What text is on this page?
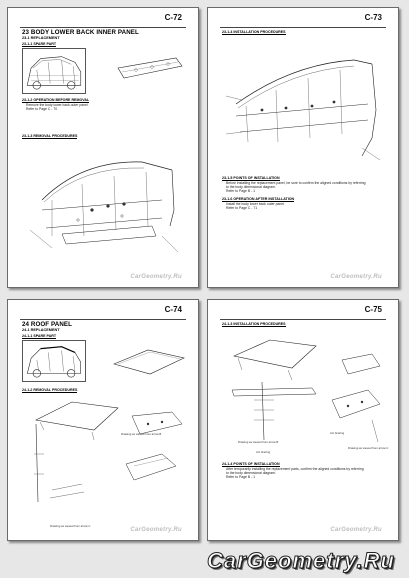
C-72
23 BODY LOWER BACK INNER PANEL
23-1 REPLACEMENT
23-1-1 SPARE PART
23-1-2 OPERATION BEFORE REMOVAL
Remove the body lower back outer panel.
Refer to Page C - 70
23-1-3 REMOVAL PROCEDURES
CarGeometry.Ru
C-73
23-1-4 INSTALLATION PROCEDURES
23-1-5 POINTS OF INSTALLATION
Before installing the replacement panel, be sure to confirm the aligned conditions by referring
to the body dimensional diagram.
Refer to Page B - 1
23-1-6 OPERATION AFTER INSTALLATION
Install the body lower back outer panel.
Refer to Page C - 71
CarGeometry.Ru
C-74
24 ROOF PANEL
24-1 REPLACEMENT
24-1-1 SPARE PART
24-1-2 REMOVAL PROCEDURES
Drawing as viewed from arrow B
Drawing as viewed from arrow C
CarGeometry.Ru
C-75
24-1-3 INSTALLATION PROCEDURES
Arc brazing
Drawing as viewed from arrow B
Drawing as viewed from arrow C
Arc brazing
24-1-4 POINTS OF INSTALLATION
After temporarily installing the replacement parts, confirm the aligned conditions by referring
to the body dimensional diagram.
Refer to Page B - 1
CarGeometry.Ru
CarGeometry.Ru
